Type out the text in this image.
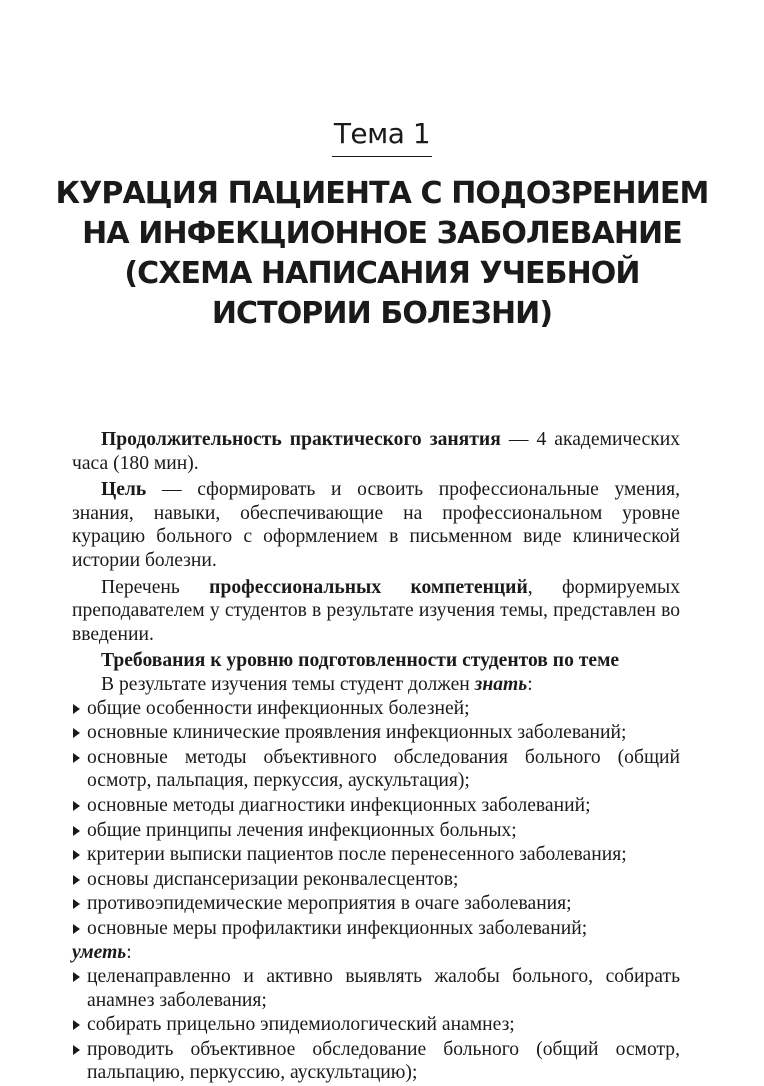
Тема 1
КУРАЦИЯ ПАЦИЕНТА С ПОДОЗРЕНИЕМ
НА ИНФЕКЦИОННОЕ ЗАБОЛЕВАНИЕ
(СХЕМА НАПИСАНИЯ УЧЕБНОЙ
ИСТОРИИ БОЛЕЗНИ)

Продолжительность практического занятия — 4 академических часа (180 мин).

Цель — сформировать и освоить профессиональные умения, знания, навыки, обеспечивающие на профессиональном уровне курацию больного с оформлением в письменном виде клинической истории болезни.

Перечень профессиональных компетенций, формируемых преподавателем у студентов в результате изучения темы, представлен во введении.

Требования к уровню подготовленности студентов по теме

В результате изучения темы студент должен знать:

общие особенности инфекционных болезней;
основные клинические проявления инфекционных заболеваний;
основные методы объективного обследования больного (общий осмотр, пальпация, перкуссия, аускультация);
основные методы диагностики инфекционных заболеваний;
общие принципы лечения инфекционных больных;
критерии выписки пациентов после перенесенного заболевания;
основы диспансеризации реконвалесцентов;
противоэпидемические мероприятия в очаге заболевания;
основные меры профилактики инфекционных заболеваний;

уметь:

целенаправленно и активно выявлять жалобы больного, собирать анамнез заболевания;
собирать прицельно эпидемиологический анамнез;
проводить объективное обследование больного (общий осмотр, пальпацию, перкуссию, аускультацию);
